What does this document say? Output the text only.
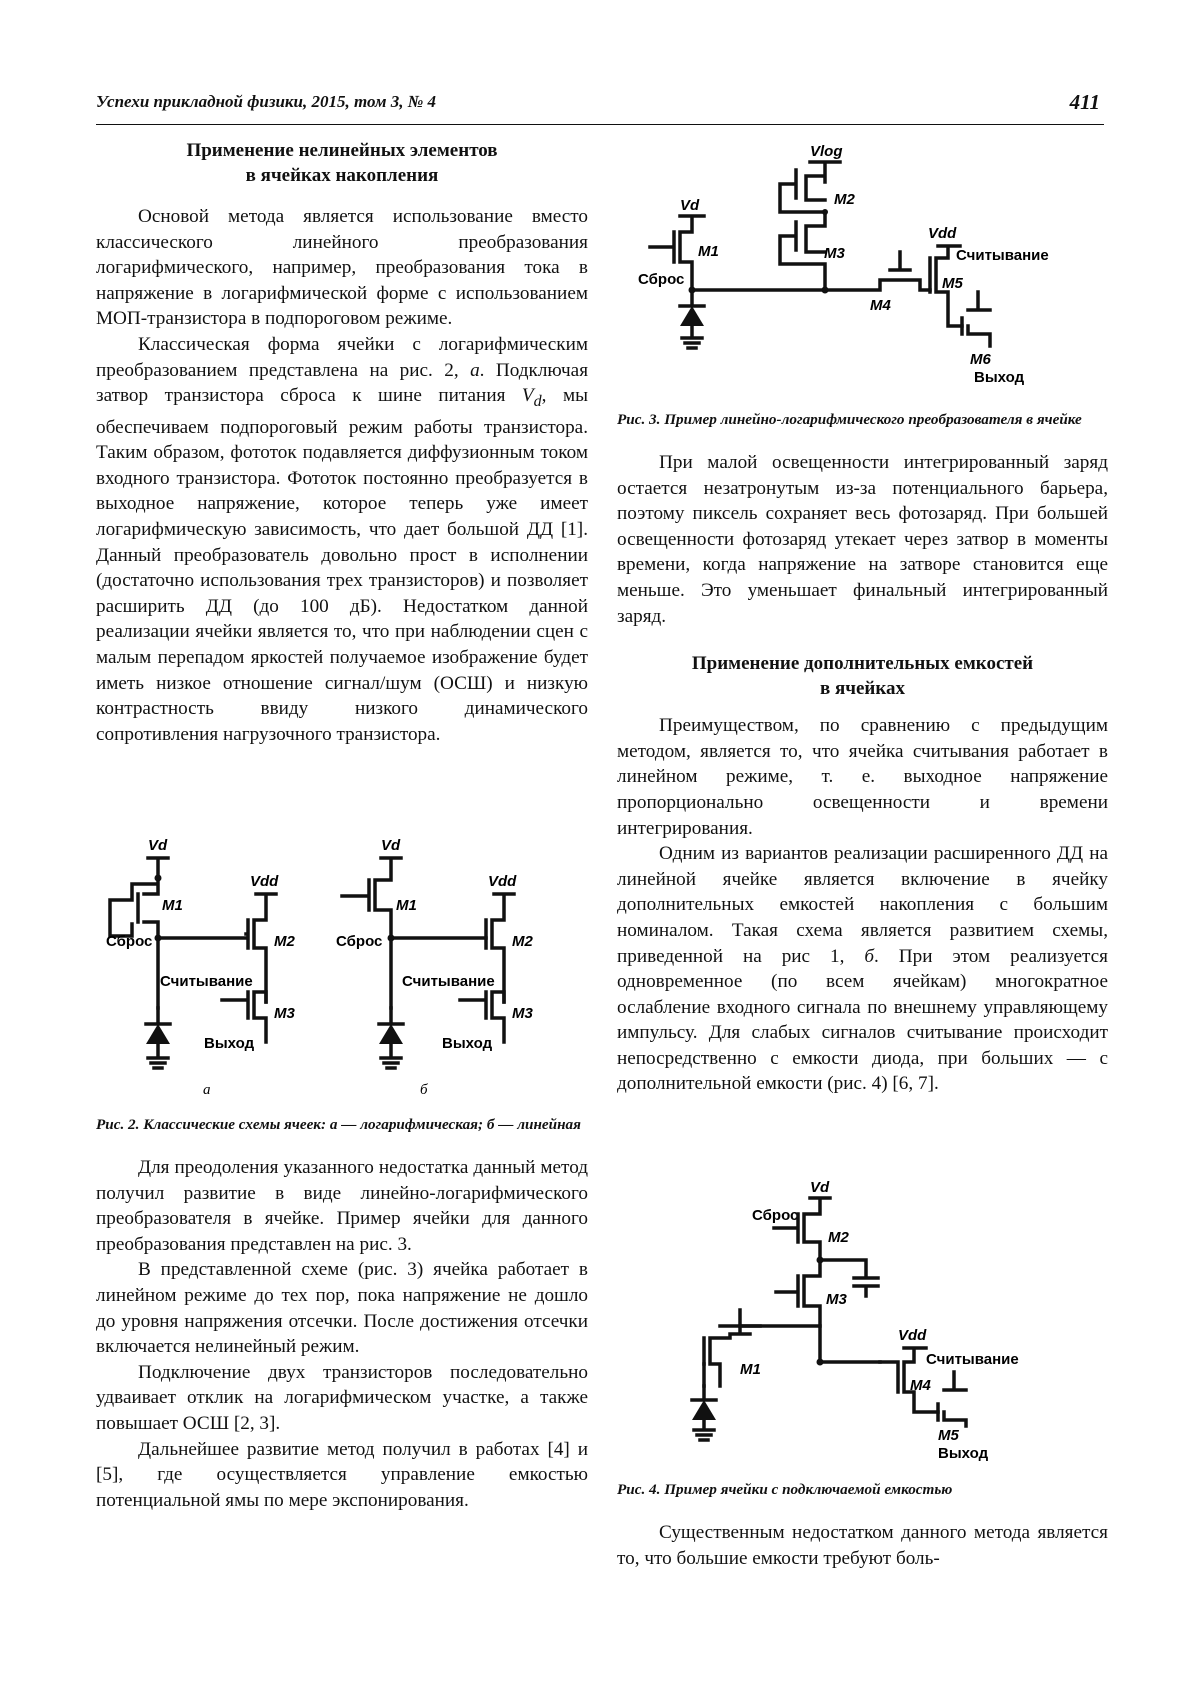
Успехи прикладной физики, 2015, том 3, № 4	411
Применение нелинейных элементов
в ячейках накопления

Основой метода является использование вместо классического линейного преобразования логарифмического, например, преобразования тока в напряжение в логарифмической форме с использованием МОП-транзистора в подпороговом режиме.

Классическая форма ячейки с логарифмическим преобразованием представлена на рис. 2, а. Подключая затвор транзистора сброса к шине питания $V_d$, мы обеспечиваем подпороговый режим работы транзистора. Таким образом, фототок подавляется диффузионным током входного транзистора. Фототок постоянно преобразуется в выходное напряжение, которое теперь уже имеет логарифмическую зависимость, что дает большой ДД [1]. Данный преобразователь довольно прост в исполнении (достаточно использования трех транзисторов) и позволяет расширить ДД (до 100 дБ). Недостатком данной реализации ячейки является то, что при наблюдении сцен с малым перепадом яркостей получаемое изображение будет иметь низкое отношение сигнал/шум (ОСШ) и низкую контрастность ввиду низкого динамического сопротивления нагрузочного транзистора.

Vd
M1
Сброс
Vdd
M2
Считывание
M3
Выход
а
Vd
M1
Сброс
Vdd
M2
Считывание
M3
Выход
б
Рис. 2. Классические схемы ячеек: а — логарифмическая; б — линейная

Для преодоления указанного недостатка данный метод получил развитие в виде линейно-логарифмического преобразователя в ячейке. Пример ячейки для данного преобразования представлен на рис. 3.

В представленной схеме (рис. 3) ячейка работает в линейном режиме до тех пор, пока напряжение не дошло до уровня напряжения отсечки. После достижения отсечки включается нелинейный режим.

Подключение двух транзисторов последовательно удваивает отклик на логарифмическом участке, а также повышает ОСШ [2, 3].

Дальнейшее развитие метод получил в работах [4] и [5], где осуществляется управление емкостью потенциальной ямы по мере экспонирования.

Vlog
M2
M3
Vd
M1
Сброс
M4
Vdd
Считывание
M5
M6
Выход
Рис. 3. Пример линейно-логарифмического преобразователя в ячейке

При малой освещенности интегрированный заряд остается незатронутым из-за потенциального барьера, поэтому пиксель сохраняет весь фотозаряд. При большей освещенности фотозаряд утекает через затвор в моменты времени, когда напряжение на затворе становится еще меньше. Это уменьшает финальный интегрированный заряд.

Применение дополнительных емкостей
в ячейках

Преимуществом, по сравнению с предыдущим методом, является то, что ячейка считывания работает в линейном режиме, т. е. выходное напряжение пропорционально освещенности и времени интегрирования.

Одним из вариантов реализации расширенного ДД на линейной ячейке является включение в ячейку дополнительных емкостей накопления с большим номиналом. Такая схема является развитием схемы, приведенной на рис 1, б. При этом реализуется одновременное (по всем ячейкам) многократное ослабление входного сигнала по внешнему управляющему импульсу. Для слабых сигналов считывание происходит непосредственно с емкости диода, при больших — с дополнительной емкости (рис. 4) [6, 7].

Vd
Сброс
M2
M3
M1
Vdd
Считывание
M4
M5
Выход
Рис. 4. Пример ячейки с подключаемой емкостью

Существенным недостатком данного метода является то, что большие емкости требуют боль-
